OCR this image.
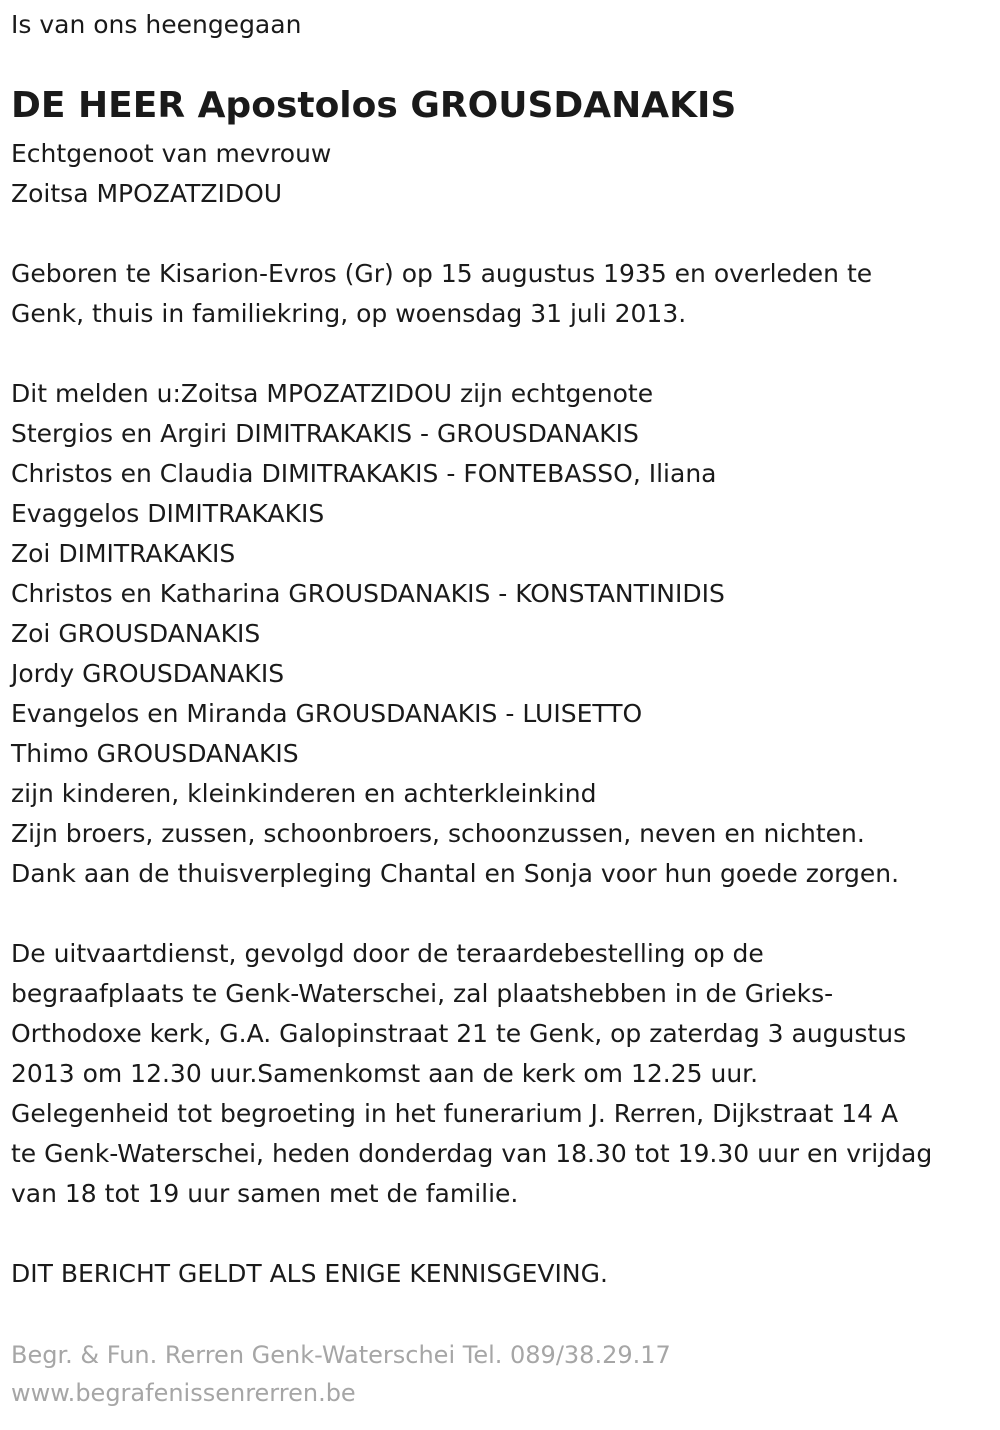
Is van ons heengegaan
DE HEER Apostolos GROUSDANAKIS
Echtgenoot van mevrouw
Zoitsa MPOZATZIDOU
Geboren te Kisarion-Evros (Gr) op 15 augustus 1935 en overleden te
Genk, thuis in familiekring, op woensdag 31 juli 2013.
Dit melden u:Zoitsa MPOZATZIDOU zijn echtgenote
Stergios en Argiri DIMITRAKAKIS - GROUSDANAKIS
Christos en Claudia DIMITRAKAKIS - FONTEBASSO, Iliana
Evaggelos DIMITRAKAKIS
Zoi DIMITRAKAKIS
Christos en Katharina GROUSDANAKIS - KONSTANTINIDIS
Zoi GROUSDANAKIS
Jordy GROUSDANAKIS
Evangelos en Miranda GROUSDANAKIS - LUISETTO
Thimo GROUSDANAKIS
zijn kinderen, kleinkinderen en achterkleinkind
Zijn broers, zussen, schoonbroers, schoonzussen, neven en nichten.
Dank aan de thuisverpleging Chantal en Sonja voor hun goede zorgen.
De uitvaartdienst, gevolgd door de teraardebestelling op de
begraafplaats te Genk-Waterschei, zal plaatshebben in de Grieks-
Orthodoxe kerk, G.A. Galopinstraat 21 te Genk, op zaterdag 3 augustus
2013 om 12.30 uur.Samenkomst aan de kerk om 12.25 uur.
Gelegenheid tot begroeting in het funerarium J. Rerren, Dijkstraat 14 A
te Genk-Waterschei, heden donderdag van 18.30 tot 19.30 uur en vrijdag
van 18 tot 19 uur samen met de familie.
DIT BERICHT GELDT ALS ENIGE KENNISGEVING.
Begr. & Fun. Rerren Genk-Waterschei Tel. 089/38.29.17
www.begrafenissenrerren.be
